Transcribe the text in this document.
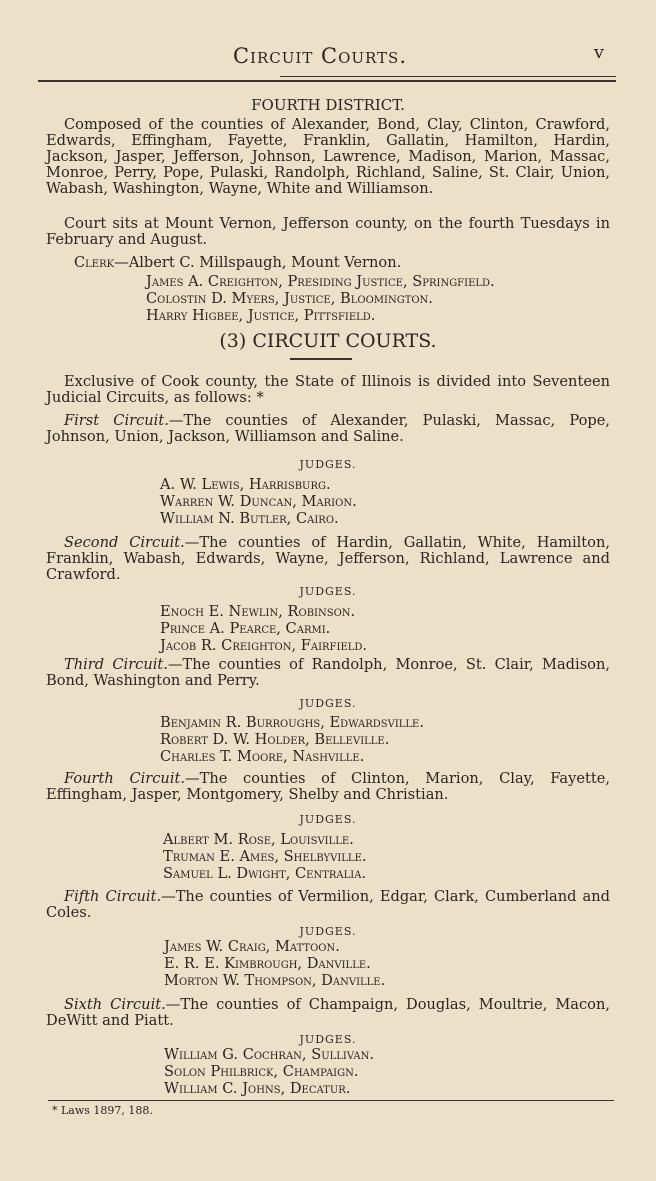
Circuit Courts.	v
FOURTH DISTRICT.
Composed of the counties of Alexander, Bond, Clay, Clinton, Crawford, Edwards, Effingham, Fayette, Franklin, Gallatin, Hamilton, Hardin, Jackson, Jasper, Jefferson, Johnson, Lawrence, Madison, Marion, Massac, Monroe, Perry, Pope, Pulaski, Randolph, Richland, Saline, St. Clair, Union, Wabash, Washington, Wayne, White and Williamson.
Court sits at Mount Vernon, Jefferson county, on the fourth Tuesdays in February and August.
Clerk—Albert C. Millspaugh, Mount Vernon.
James A. Creighton, Presiding Justice, Springfield.
Colostin D. Myers, Justice, Bloomington.
Harry Higbee, Justice, Pittsfield.
(3) CIRCUIT COURTS.
Exclusive of Cook county, the State of Illinois is divided into Seventeen Judicial Circuits, as follows: *
First Circuit.—The counties of Alexander, Pulaski, Massac, Pope, Johnson, Union, Jackson, Williamson and Saline.
JUDGES.
A. W. Lewis, Harrisburg.
Warren W. Duncan, Marion.
William N. Butler, Cairo.
Second Circuit.—The counties of Hardin, Gallatin, White, Hamilton, Franklin, Wabash, Edwards, Wayne, Jefferson, Richland, Lawrence and Crawford.
JUDGES.
Enoch E. Newlin, Robinson.
Prince A. Pearce, Carmi.
Jacob R. Creighton, Fairfield.
Third Circuit.—The counties of Randolph, Monroe, St. Clair, Madison, Bond, Washington and Perry.
JUDGES.
Benjamin R. Burroughs, Edwardsville.
Robert D. W. Holder, Belleville.
Charles T. Moore, Nashville.
Fourth Circuit.—The counties of Clinton, Marion, Clay, Fayette, Effingham, Jasper, Montgomery, Shelby and Christian.
JUDGES.
Albert M. Rose, Louisville.
Truman E. Ames, Shelbyville.
Samuel L. Dwight, Centralia.
Fifth Circuit.—The counties of Vermilion, Edgar, Clark, Cumberland and Coles.
JUDGES.
James W. Craig, Mattoon.
E. R. E. Kimbrough, Danville.
Morton W. Thompson, Danville.
Sixth Circuit.—The counties of Champaign, Douglas, Moultrie, Macon, DeWitt and Piatt.
JUDGES.
William G. Cochran, Sullivan.
Solon Philbrick, Champaign.
William C. Johns, Decatur.
* Laws 1897, 188.
